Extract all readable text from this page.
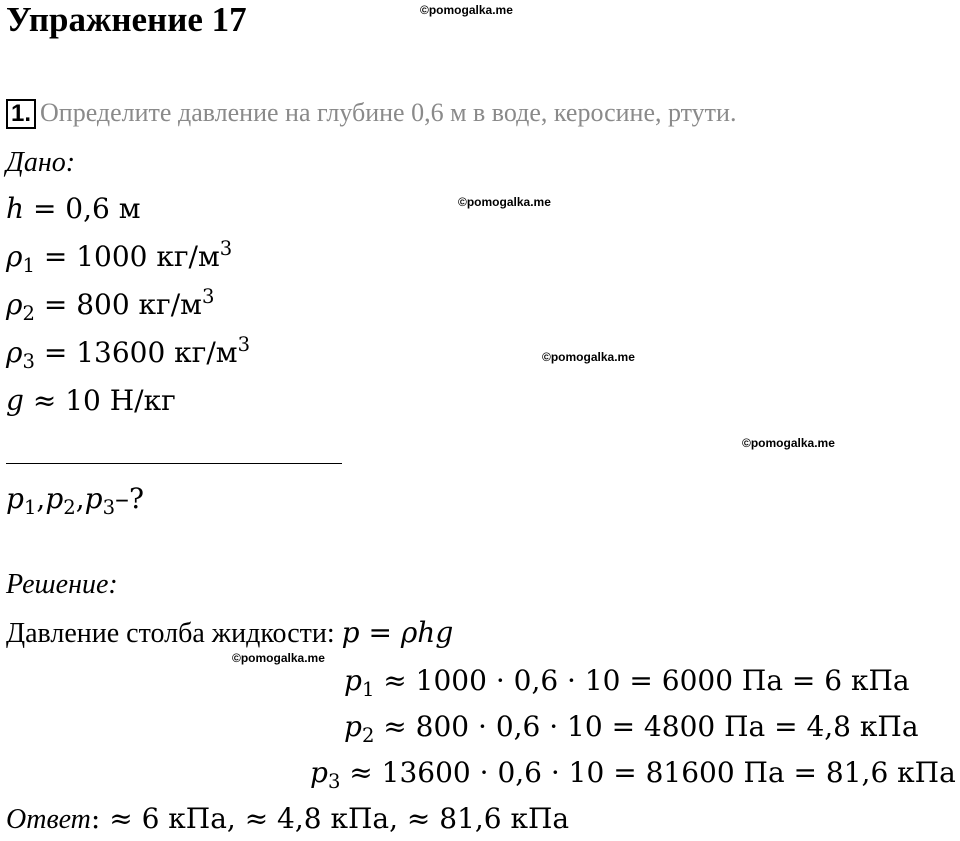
Упражнение 17	©pomogalka.me
1. Определите давление на глубине 0,6 м в воде, керосине, ртути.
Дано:
©pomogalka.me
h = 0,6 м
$\rho_1 = 1000$ $кг/м^3$
$\rho_2 = 800$ $кг/м^3$
$\rho_3 = 13600$ $кг/м^3$
©pomogalka.me
g ≈ 10 Н/кг
©pomogalka.me
$p_1,p_2,p_3-$?
Решение:
Давление столба жидкости: p = ρhg
©pomogalka.me
$p_1 \approx 1000 \cdot 0,6 \cdot 10 = 6000$ Па = 6 кПа
$p_2 \approx 800 \cdot 0,6 \cdot 10 = 4800$ Па = 4,8 кПа
$p_3 \approx 13600 \cdot 0,6 \cdot 10 = 81600$ Па = 81,6 кПа
Ответ: ≈ 6 кПа, ≈ 4,8 кПа, ≈ 81,6 кПа
